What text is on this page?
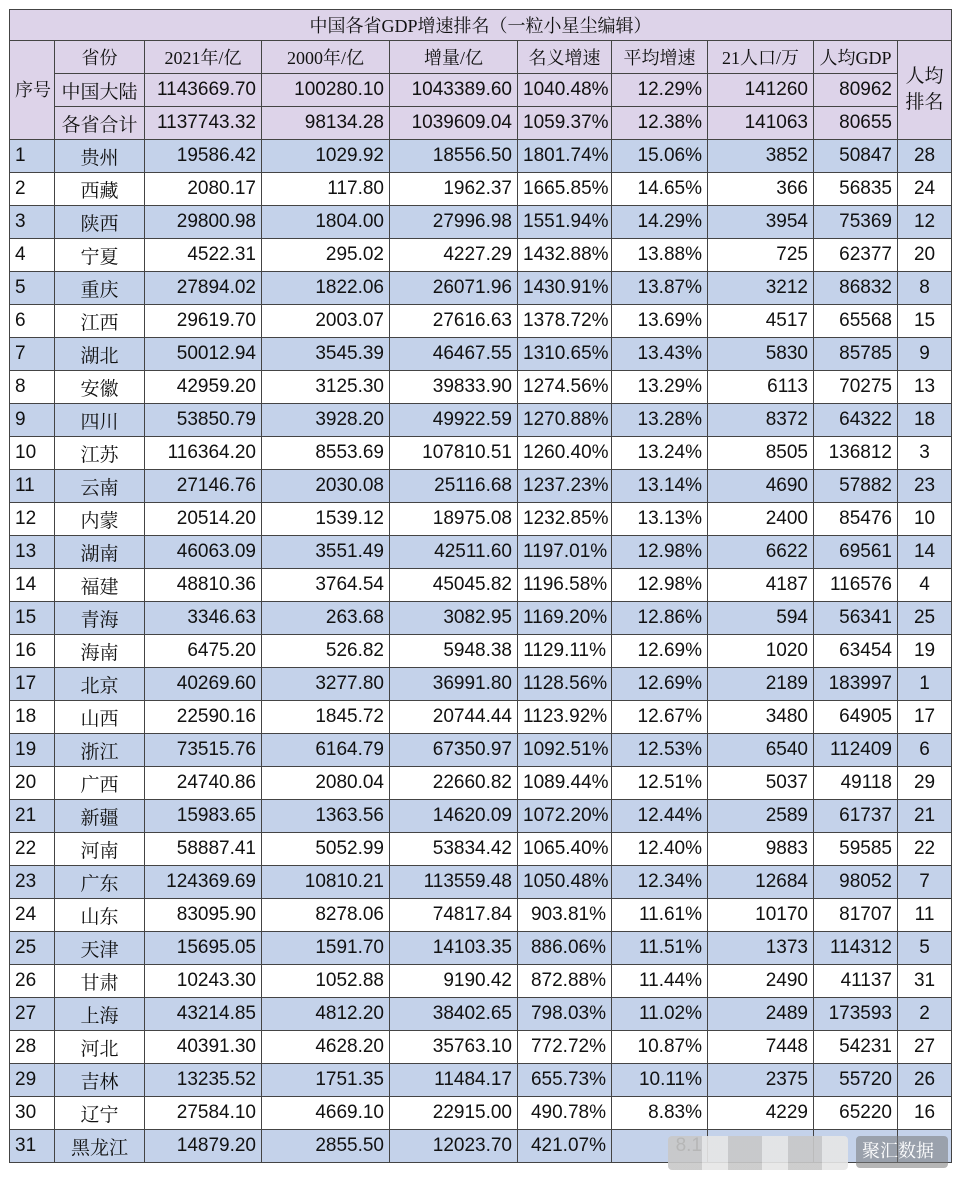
中国各省GDP增速排名（一粒小星尘编辑）									
序号	省份	2021年/亿	2000年/亿	增量/亿	名义增速	平均增速	21人口/万	人均GDP	人均排名
	中国大陆	1143669.70	100280.10	1043389.60	1040.48%	12.29%	141260	80962	
	各省合计	1137743.32	98134.28	1039609.04	1059.37%	12.38%	141063	80655	
1	贵州	19586.42	1029.92	18556.50	1801.74%	15.06%	3852	50847	28
2	西藏	2080.17	117.80	1962.37	1665.85%	14.65%	366	56835	24
3	陕西	29800.98	1804.00	27996.98	1551.94%	14.29%	3954	75369	12
4	宁夏	4522.31	295.02	4227.29	1432.88%	13.88%	725	62377	20
5	重庆	27894.02	1822.06	26071.96	1430.91%	13.87%	3212	86832	8
6	江西	29619.70	2003.07	27616.63	1378.72%	13.69%	4517	65568	15
7	湖北	50012.94	3545.39	46467.55	1310.65%	13.43%	5830	85785	9
8	安徽	42959.20	3125.30	39833.90	1274.56%	13.29%	6113	70275	13
9	四川	53850.79	3928.20	49922.59	1270.88%	13.28%	8372	64322	18
10	江苏	116364.20	8553.69	107810.51	1260.40%	13.24%	8505	136812	3
11	云南	27146.76	2030.08	25116.68	1237.23%	13.14%	4690	57882	23
12	内蒙	20514.20	1539.12	18975.08	1232.85%	13.13%	2400	85476	10
13	湖南	46063.09	3551.49	42511.60	1197.01%	12.98%	6622	69561	14
14	福建	48810.36	3764.54	45045.82	1196.58%	12.98%	4187	116576	4
15	青海	3346.63	263.68	3082.95	1169.20%	12.86%	594	56341	25
16	海南	6475.20	526.82	5948.38	1129.11%	12.69%	1020	63454	19
17	北京	40269.60	3277.80	36991.80	1128.56%	12.69%	2189	183997	1
18	山西	22590.16	1845.72	20744.44	1123.92%	12.67%	3480	64905	17
19	浙江	73515.76	6164.79	67350.97	1092.51%	12.53%	6540	112409	6
20	广西	24740.86	2080.04	22660.82	1089.44%	12.51%	5037	49118	29
21	新疆	15983.65	1363.56	14620.09	1072.20%	12.44%	2589	61737	21
22	河南	58887.41	5052.99	53834.42	1065.40%	12.40%	9883	59585	22
23	广东	124369.69	10810.21	113559.48	1050.48%	12.34%	12684	98052	7
24	山东	83095.90	8278.06	74817.84	903.81%	11.61%	10170	81707	11
25	天津	15695.05	1591.70	14103.35	886.06%	11.51%	1373	114312	5
26	甘肃	10243.30	1052.88	9190.42	872.88%	11.44%	2490	41137	31
27	上海	43214.85	4812.20	38402.65	798.03%	11.02%	2489	173593	2
28	河北	40391.30	4628.20	35763.10	772.72%	10.87%	7448	54231	27
29	吉林	13235.52	1751.35	11484.17	655.73%	10.11%	2375	55720	26
30	辽宁	27584.10	4669.10	22915.00	490.78%	8.83%	4229	65220	16
31	黑龙江	14879.20	2855.50	12023.70	421.07%					聚汇数据
